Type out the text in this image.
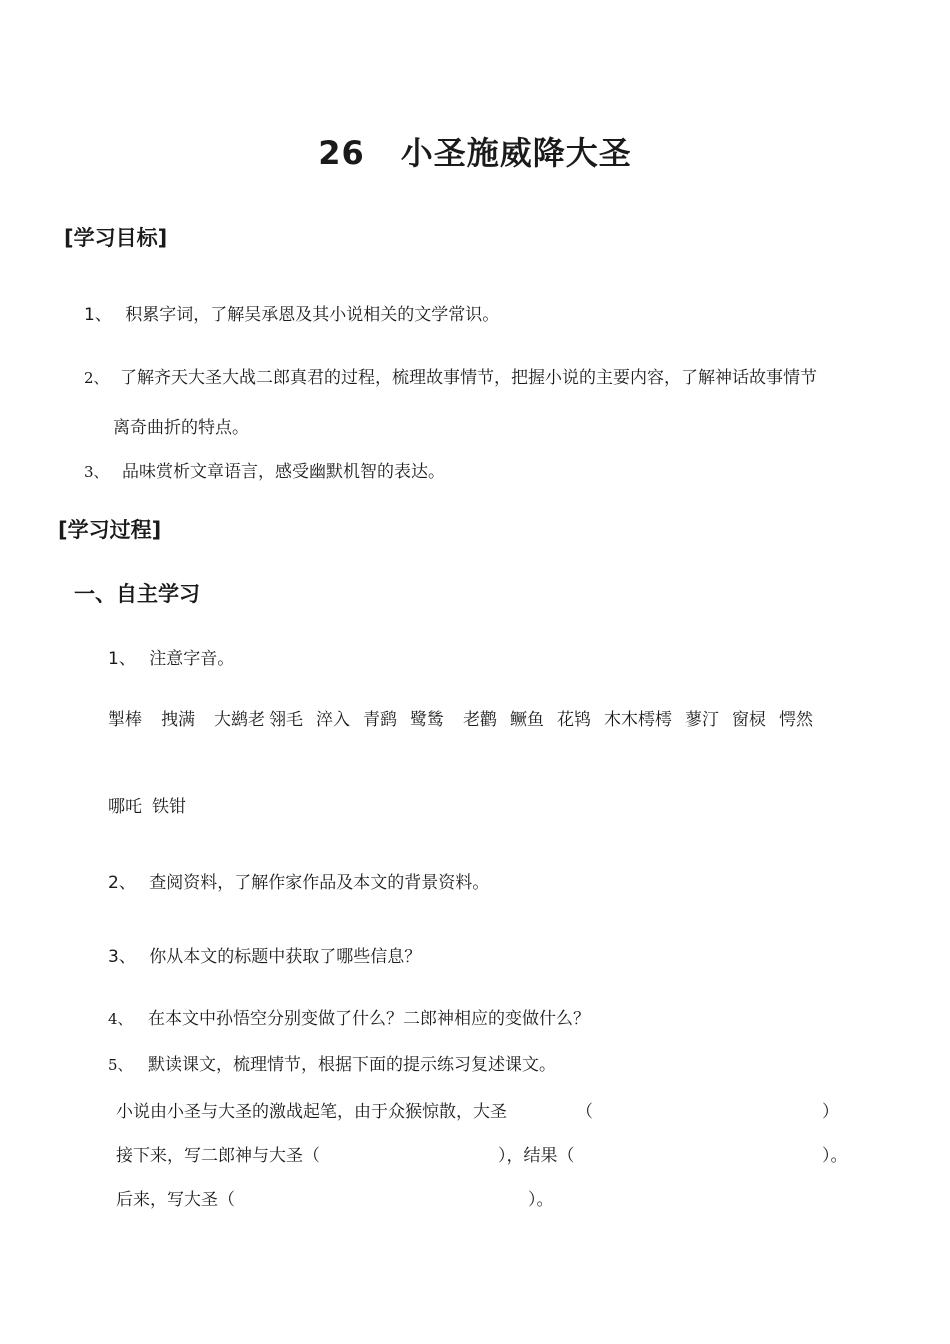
26 小圣施威降大圣
[学习目标]
1、 积累字词，了解吴承恩及其小说相关的文学常识。
2、 了解齐天大圣大战二郎真君的过程，梳理故事情节，把握小说的主要内容，了解神话故事情节
离奇曲折的特点。
3、 品味赏析文章语言，感受幽默机智的表达。
[学习过程]
一、自主学习
1、 注意字音。
掣棒 拽满 大鹚老 翎毛 淬入 青鹞 鹭鸶 老鹳 鳜鱼 花鸨 木木樗樗 蓼汀 窗棂 愕然
哪吒 铁钳
2、 查阅资料，了解作家作品及本文的背景资料。
3、 你从本文的标题中获取了哪些信息？
4、 在本文中孙悟空分别变做了什么？二郎神相应的变做什么？
5、 默读课文，梳理情节，根据下面的提示练习复述课文。
小说由小圣与大圣的激战起笔，由于众猴惊散，大圣	（	）
接下来，写二郎神与大圣（	），结果（	）。
后来，写大圣（	）。
